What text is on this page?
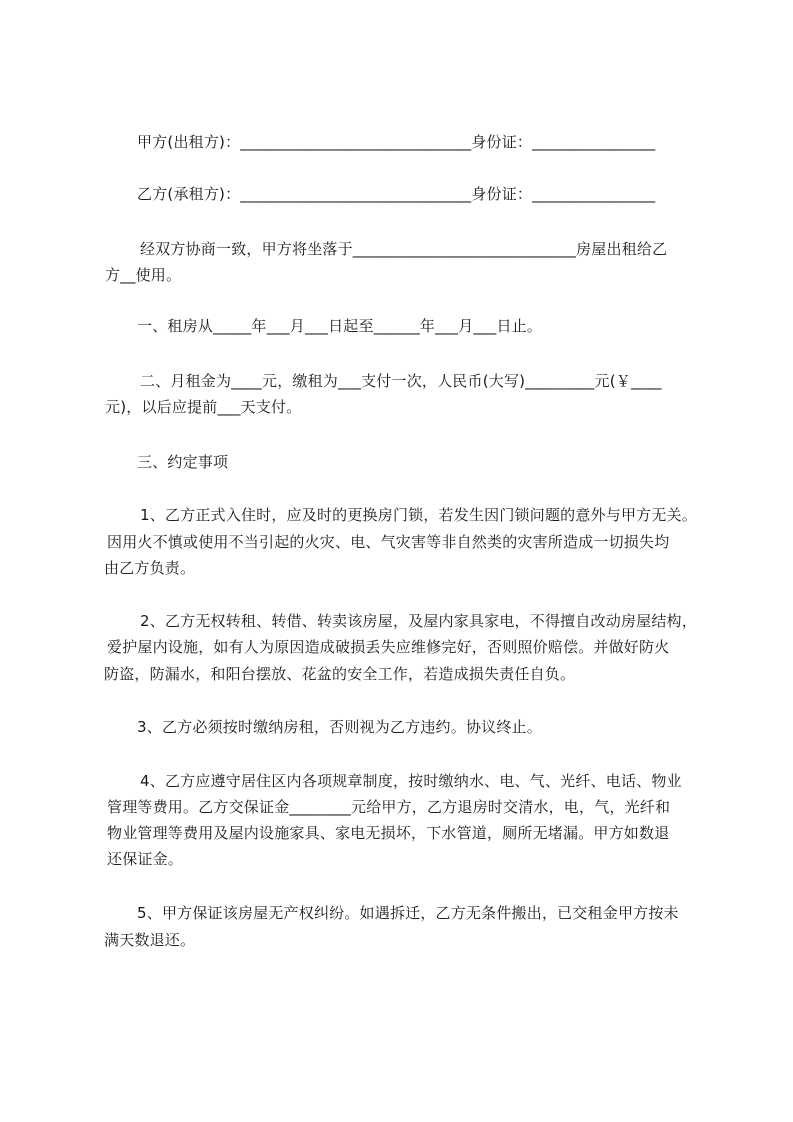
甲方(出租方)：______________________________身份证：________________
乙方(承租方)：______________________________身份证：________________
经双方协商一致，甲方将坐落于_____________________________房屋出租给乙
方__使用。
一、租房从_____年___月___日起至______年___月___日止。
二、月租金为____元，缴租为___支付一次，人民币(大写)_________元(￥____
元)，以后应提前___天支付。
三、约定事项
1、乙方正式入住时，应及时的更换房门锁，若发生因门锁问题的意外与甲方无关。
因用火不慎或使用不当引起的火灾、电、气灾害等非自然类的灾害所造成一切损失均
由乙方负责。
2、乙方无权转租、转借、转卖该房屋，及屋内家具家电，不得擅自改动房屋结构，
爱护屋内设施，如有人为原因造成破损丢失应维修完好，否则照价赔偿。并做好防火
防盗，防漏水，和阳台摆放、花盆的安全工作，若造成损失责任自负。
3、乙方必须按时缴纳房租，否则视为乙方违约。协议终止。
4、乙方应遵守居住区内各项规章制度，按时缴纳水、电、气、光纤、电话、物业
管理等费用。乙方交保证金________元给甲方，乙方退房时交清水，电，气，光纤和
物业管理等费用及屋内设施家具、家电无损坏，下水管道，厕所无堵漏。甲方如数退
还保证金。
5、甲方保证该房屋无产权纠纷。如遇拆迁，乙方无条件搬出，已交租金甲方按未
满天数退还。
